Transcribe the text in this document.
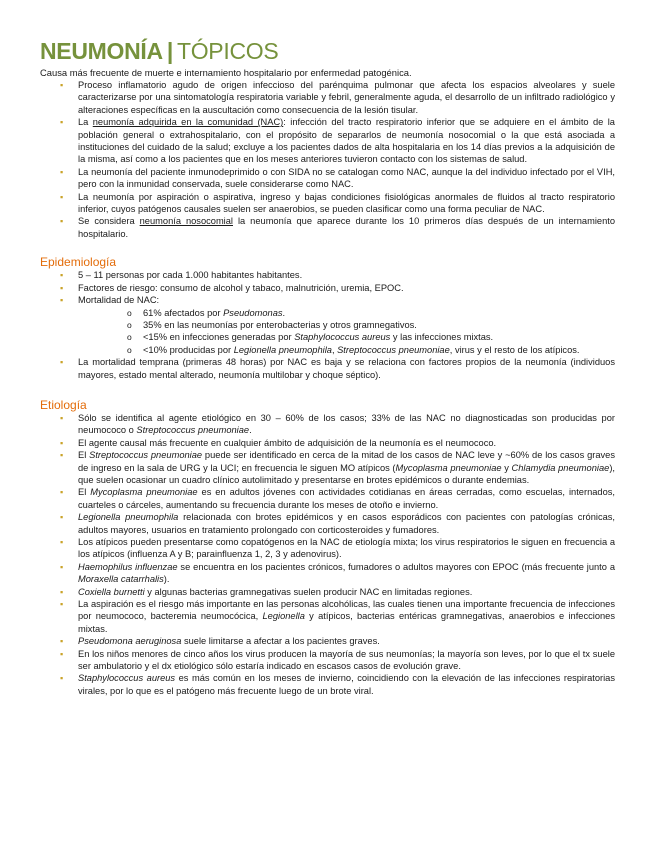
NEUMONÍA | TÓPICOS

Causa más frecuente de muerte e internamiento hospitalario por enfermedad patogénica.

▪ Proceso inflamatorio agudo de origen infeccioso del parénquima pulmonar que afecta los espacios alveolares y suele caracterizarse por una sintomatología respiratoria variable y febril, generalmente aguda, el desarrollo de un infiltrado radiológico y alteraciones específicas en la auscultación como consecuencia de la lesión tisular.
▪ La neumonía adquirida en la comunidad (NAC): infección del tracto respiratorio inferior que se adquiere en el ámbito de la población general o extrahospitalario, con el propósito de separarlos de neumonía nosocomial o la que está asociada a instituciones del cuidado de la salud; excluye a los pacientes dados de alta hospitalaria en los 14 días previos a la adquisición de la misma, así como a los pacientes que en los meses anteriores tuvieron contacto con los sistemas de salud.
▪ La neumonía del paciente inmunodeprimido o con SIDA no se catalogan como NAC, aunque la del individuo infectado por el VIH, pero con la inmunidad conservada, suele considerarse como NAC.
▪ La neumonía por aspiración o aspirativa, ingreso y bajas condiciones fisiológicas anormales de fluidos al tracto respiratorio inferior, cuyos patógenos causales suelen ser anaerobios, se pueden clasificar como una forma peculiar de NAC.
▪ Se considera neumonía nosocomial la neumonía que aparece durante los 10 primeros días después de un internamiento hospitalario.
Epidemiología
▪ 5 – 11 personas por cada 1.000 habitantes habitantes.
▪ Factores de riesgo: consumo de alcohol y tabaco, malnutrición, uremia, EPOC.
▪ Mortalidad de NAC:
o 61% afectados por Pseudomonas.
o 35% en las neumonías por enterobacterias y otros gramnegativos.
o <15% en infecciones generadas por Staphylococcus aureus y las infecciones mixtas.
o <10% producidas por Legionella pneumophila, Streptococcus pneumoniae, virus y el resto de los atípicos.
▪ La mortalidad temprana (primeras 48 horas) por NAC es baja y se relaciona con factores propios de la neumonía (individuos mayores, estado mental alterado, neumonía multilobar y choque séptico).
Etiología
▪ Sólo se identifica al agente etiológico en 30 – 60% de los casos; 33% de las NAC no diagnosticadas son producidas por neumococo o Streptococcus pneumoniae.
▪ El agente causal más frecuente en cualquier ámbito de adquisición de la neumonía es el neumococo.
▪ El Streptococcus pneumoniae puede ser identificado en cerca de la mitad de los casos de NAC leve y ~60% de los casos graves de ingreso en la sala de URG y la UCI; en frecuencia le siguen MO atípicos (Mycoplasma pneumoniae y Chlamydia pneumoniae), que suelen ocasionar un cuadro clínico autolimitado y presentarse en brotes epidémicos o durante endemias.
▪ El Mycoplasma pneumoniae es en adultos jóvenes con actividades cotidianas en áreas cerradas, como escuelas, internados, cuarteles o cárceles, aumentando su frecuencia durante los meses de otoño e invierno.
▪ Legionella pneumophila relacionada con brotes epidémicos y en casos esporádicos con pacientes con patologías crónicas, adultos mayores, usuarios en tratamiento prolongado con corticosteroides y fumadores.
▪ Los atípicos pueden presentarse como copatógenos en la NAC de etiología mixta; los virus respiratorios le siguen en frecuencia a los atípicos (influenza A y B; parainfluenza 1, 2, 3 y adenovirus).
▪ Haemophilus influenzae se encuentra en los pacientes crónicos, fumadores o adultos mayores con EPOC (más frecuente junto a Moraxella catarrhalis).
▪ Coxiella burnetti y algunas bacterias gramnegativas suelen producir NAC en limitadas regiones.
▪ La aspiración es el riesgo más importante en las personas alcohólicas, las cuales tienen una importante frecuencia de infecciones por neumococo, bacteremia neumocócica, Legionella y atípicos, bacterias entéricas gramnegativas, anaerobios e infecciones mixtas.
▪ Pseudomona aeruginosa suele limitarse a afectar a los pacientes graves.
▪ En los niños menores de cinco años los virus producen la mayoría de sus neumonías; la mayoría son leves, por lo que el tx suele ser ambulatorio y el dx etiológico sólo estaría indicado en escasos casos de evolución grave.
▪ Staphylococcus aureus es más común en los meses de invierno, coincidiendo con la elevación de las infecciones respiratorias virales, por lo que es el patógeno más frecuente luego de un brote viral.
